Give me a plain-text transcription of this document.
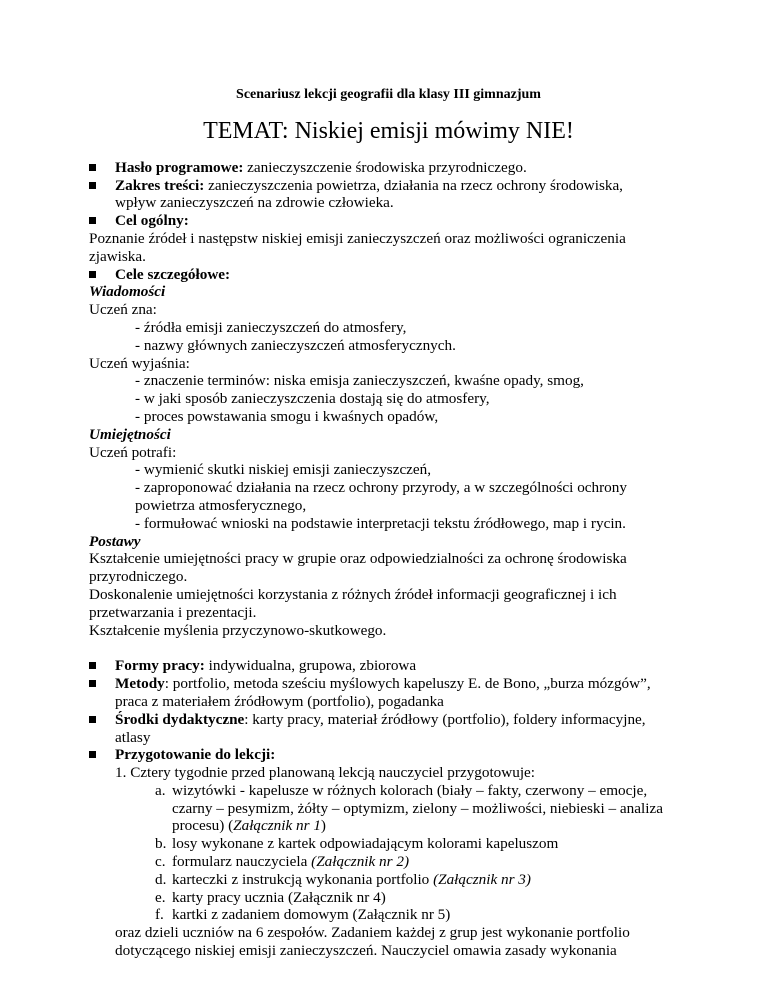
Scenariusz lekcji geografii dla klasy III gimnazjum
TEMAT: Niskiej emisji mówimy NIE!
Hasło programowe: zanieczyszczenie środowiska przyrodniczego.
Zakres treści: zanieczyszczenia powietrza, działania na rzecz ochrony środowiska,
wpływ zanieczyszczeń na zdrowie człowieka.
Cel ogólny:
Poznanie źródeł i następstw niskiej emisji zanieczyszczeń oraz możliwości ograniczenia
zjawiska.
Cele szczegółowe:
Wiadomości
Uczeń zna:
- źródła emisji zanieczyszczeń do atmosfery,
- nazwy głównych zanieczyszczeń atmosferycznych.
Uczeń wyjaśnia:
- znaczenie terminów: niska emisja zanieczyszczeń, kwaśne opady, smog,
- w jaki sposób zanieczyszczenia dostają się do atmosfery,
- proces powstawania smogu i kwaśnych opadów,
Umiejętności
Uczeń potrafi:
- wymienić skutki niskiej emisji zanieczyszczeń,
- zaproponować działania na rzecz ochrony przyrody, a w szczególności ochrony
powietrza atmosferycznego,
- formułować wnioski na podstawie interpretacji tekstu źródłowego, map i rycin.
Postawy
Kształcenie umiejętności pracy w grupie oraz odpowiedzialności za ochronę środowiska
przyrodniczego.
Doskonalenie umiejętności korzystania z różnych źródeł informacji geograficznej i ich
przetwarzania i prezentacji.
Kształcenie myślenia przyczynowo-skutkowego.
Formy pracy: indywidualna, grupowa, zbiorowa
Metody: portfolio, metoda sześciu myślowych kapeluszy E. de Bono, „burza mózgów”,
praca z materiałem źródłowym (portfolio), pogadanka
Środki dydaktyczne: karty pracy, materiał źródłowy (portfolio), foldery informacyjne,
atlasy
Przygotowanie do lekcji:
1. Cztery tygodnie przed planowaną lekcją nauczyciel przygotowuje:
a. wizytówki - kapelusze w różnych kolorach (biały – fakty, czerwony – emocje,
czarny – pesymizm, żółty – optymizm, zielony – możliwości, niebieski – analiza
procesu) (Załącznik nr 1)
b. losy wykonane z kartek odpowiadającym kolorami kapeluszom
c. formularz nauczyciela (Załącznik nr 2)
d. karteczki z instrukcją wykonania portfolio (Załącznik nr 3)
e. karty pracy ucznia (Załącznik nr 4)
f. kartki z zadaniem domowym (Załącznik nr 5)
oraz dzieli uczniów na 6 zespołów. Zadaniem każdej z grup jest wykonanie portfolio
dotyczącego niskiej emisji zanieczyszczeń. Nauczyciel omawia zasady wykonania
